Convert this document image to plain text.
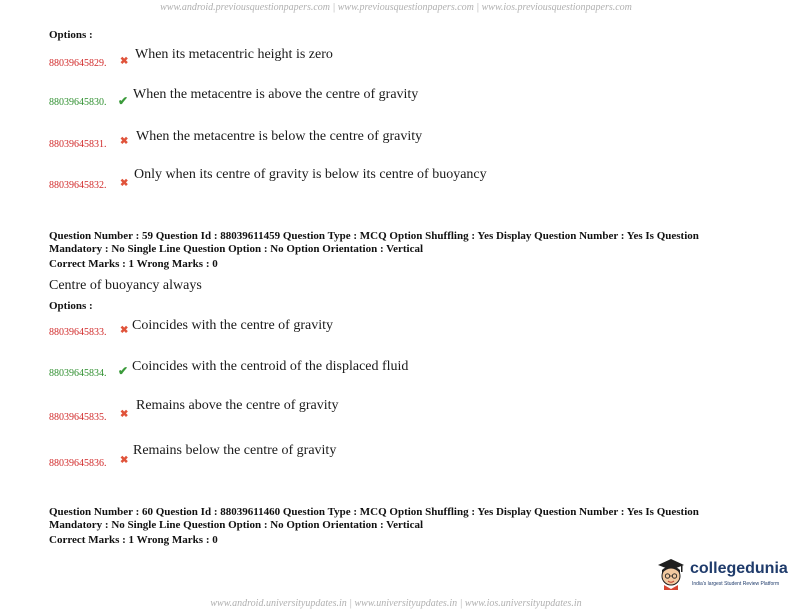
www.android.previousquestionpapers.com | www.previousquestionpapers.com | www.ios.previousquestionpapers.com
Options :
88039645829. ✖ When its metacentric height is zero
88039645830. ✔ When the metacentre is above the centre of gravity
88039645831. ✖ When the metacentre is below the centre of gravity
88039645832. ✖
Only when its centre of gravity is below its centre of buoyancy
Question Number : 59 Question Id : 88039611459 Question Type : MCQ Option Shuffling : Yes Display Question Number : Yes Is Question
Mandatory : No Single Line Question Option : No Option Orientation : Vertical
Correct Marks : 1 Wrong Marks : 0
Centre of buoyancy always
Options :
88039645833. ✖ Coincides with the centre of gravity
88039645834. ✔ Coincides with the centroid of the displaced fluid
88039645835. ✖
Remains above the centre of gravity
88039645836. ✖
Remains below the centre of gravity
Question Number : 60 Question Id : 88039611460 Question Type : MCQ Option Shuffling : Yes Display Question Number : Yes Is Question
Mandatory : No Single Line Question Option : No Option Orientation : Vertical
Correct Marks : 1 Wrong Marks : 0
collegedunia
India's largest Student Review Platform
www.android.universityupdates.in | www.universityupdates.in | www.ios.universityupdates.in
